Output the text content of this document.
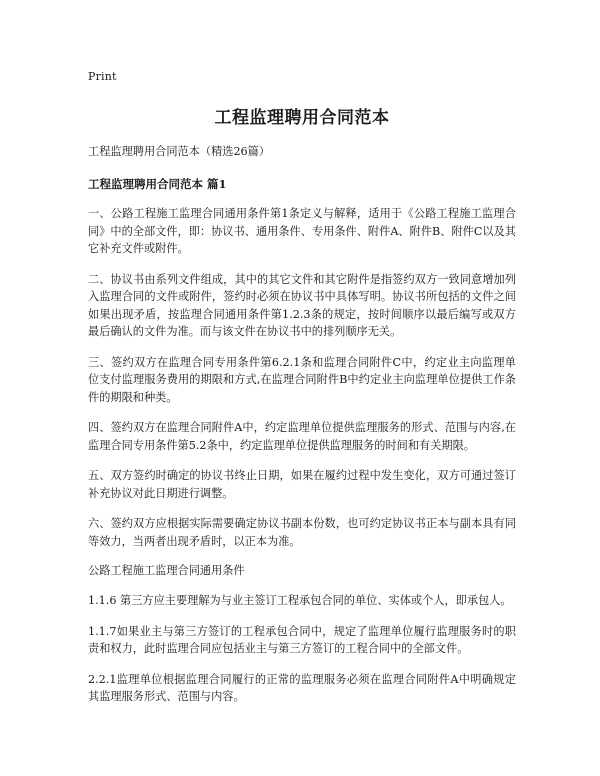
Print
工程监理聘用合同范本

工程监理聘用合同范本（精选26篇）

工程监理聘用合同范本 篇1

一、公路工程施工监理合同通用条件第1条定义与解释，适用于《公路工程施工监理合同》中的全部文件，即：协议书、通用条件、专用条件、附件A、附件B、附件C以及其它补充文件或附件。

二、协议书由系列文件组成，其中的其它文件和其它附件是指签约双方一致同意增加列入监理合同的文件或附件，签约时必须在协议书中具体写明。协议书所包括的文件之间如果出现矛盾，按监理合同通用条件第1.2.3条的规定，按时间顺序以最后编写或双方最后确认的文件为准。而与该文件在协议书中的排列顺序无关。

三、签约双方在监理合同专用条件第6.2.1条和监理合同附件C中，约定业主向监理单位支付监理服务费用的期限和方式,在监理合同附件B中约定业主向监理单位提供工作条件的期限和种类。

四、签约双方在监理合同附件A中，约定监理单位提供监理服务的形式、范围与内容,在监理合同专用条件第5.2条中，约定监理单位提供监理服务的时间和有关期限。

五、双方签约时确定的协议书终止日期，如果在履约过程中发生变化，双方可通过签订补充协议对此日期进行调整。

六、签约双方应根据实际需要确定协议书副本份数，也可约定协议书正本与副本具有同等效力，当两者出现矛盾时，以正本为准。

公路工程施工监理合同通用条件

1.1.6 第三方应主要理解为与业主签订工程承包合同的单位、实体或个人，即承包人。

1.1.7如果业主与第三方签订的工程承包合同中，规定了监理单位履行监理服务时的职责和权力，此时监理合同应包括业主与第三方签订的工程合同中的全部文件。

2.2.1监理单位根据监理合同履行的正常的监理服务必须在监理合同附件A中明确规定其监理服务形式、范围与内容。
